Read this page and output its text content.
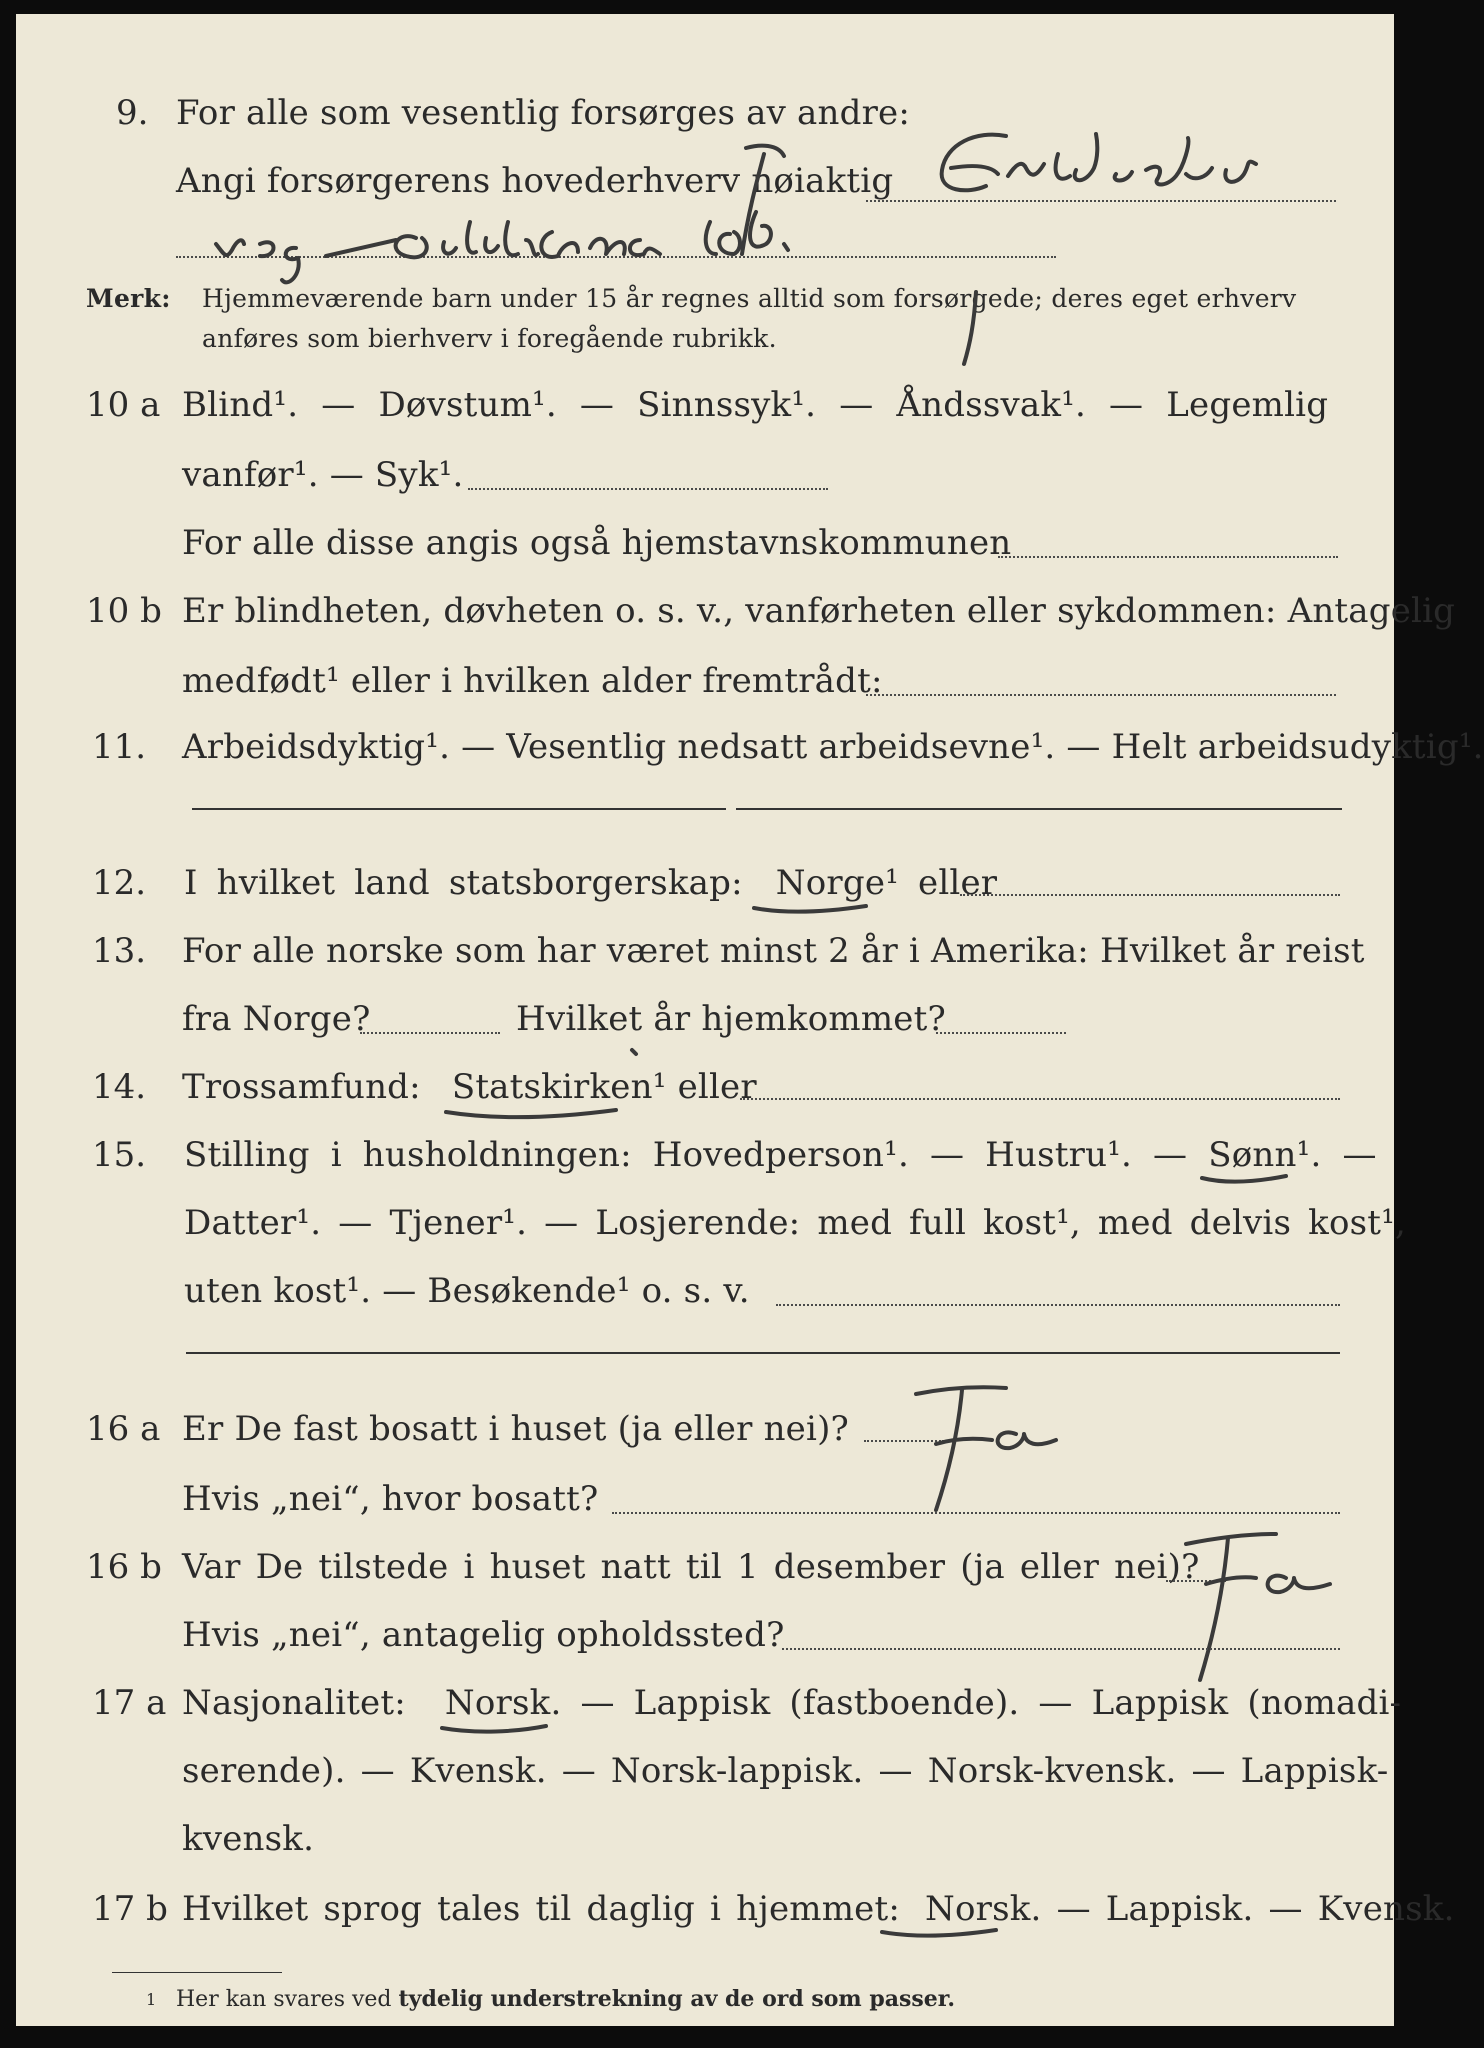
9. For alle som vesentlig forsørges av andre:
Angi forsørgerens hovederhverv nøiaktig
Merk: Hjemmeværende barn under 15 år regnes alltid som forsørgede; deres eget erhverv
anføres som bierhverv i foregående rubrikk.
10 a Blind¹. — Døvstum¹. — Sinnssyk¹. — Åndssvak¹. — Legemlig
vanfør¹. — Syk¹.
For alle disse angis også hjemstavnskommunen
10 b Er blindheten, døvheten o. s. v., vanførheten eller sykdommen: Antagelig
medfødt¹ eller i hvilken alder fremtrådt:
11. Arbeidsdyktig¹. — Vesentlig nedsatt arbeidsevne¹. — Helt arbeidsudyktig¹.
12. I hvilket land statsborgerskap: Norge¹ eller
13. For alle norske som har været minst 2 år i Amerika: Hvilket år reist
fra Norge?	Hvilket år hjemkommet?
14. Trossamfund: Statskirken¹ eller
15. Stilling i husholdningen: Hovedperson¹. — Hustru¹. — Sønn¹. —
Datter¹. — Tjener¹. — Losjerende: med full kost¹, med delvis kost¹,
uten kost¹. — Besøkende¹ o. s. v.
16 a Er De fast bosatt i huset (ja eller nei)?
Hvis „nei“, hvor bosatt?
16 b Var De tilstede i huset natt til 1 desember (ja eller nei)?
Hvis „nei“, antagelig opholdssted?
17 a Nasjonalitet: Norsk. — Lappisk (fastboende). — Lappisk (nomadi-
serende). — Kvensk. — Norsk-lappisk. — Norsk-kvensk. — Lappisk-
kvensk.
17 b Hvilket sprog tales til daglig i hjemmet: Norsk. — Lappisk. — Kvensk.
1 Her kan svares ved tydelig understrekning av de ord som passer.
